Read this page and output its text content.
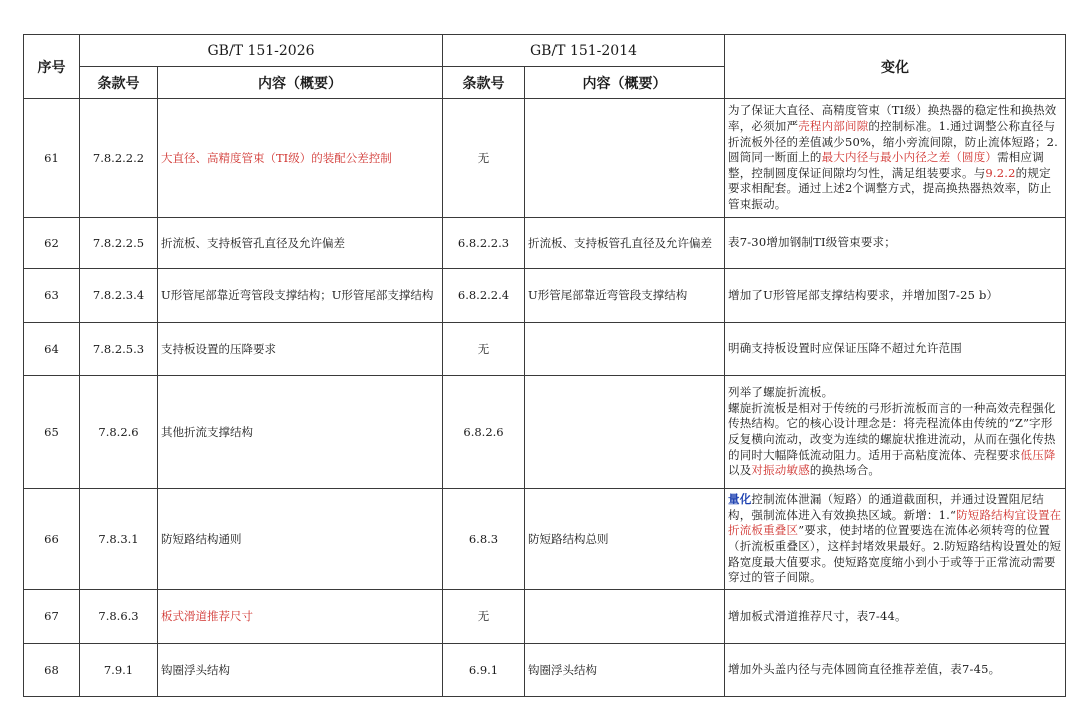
序号	GB/T 151-2026		GB/T 151-2014		变化
	条款号	内容（概要）	条款号	内容（概要）	
61	7.8.2.2.2	大直径、高精度管束（TI级）的装配公差控制	无		为了保证大直径、高精度管束（TI级）换热器的稳定性和换热效率，必须加严壳程内部间隙的控制标准。1.通过调整公称直径与折流板外径的差值减少50%，缩小旁流间隙，防止流体短路；2.圆筒同一断面上的最大内径与最小内径之差（圆度）需相应调整，控制圆度保证间隙均匀性，满足组装要求。与9.2.2的规定要求相配套。通过上述2个调整方式，提高换热器热效率，防止管束振动。
62	7.8.2.2.5	折流板、支持板管孔直径及允许偏差	6.8.2.2.3	折流板、支持板管孔直径及允许偏差	表7-30增加钢制TI级管束要求；
63	7.8.2.3.4	U形管尾部靠近弯管段支撑结构；U形管尾部支撑结构	6.8.2.2.4	U形管尾部靠近弯管段支撑结构	增加了U形管尾部支撑结构要求，并增加图7-25 b）
64	7.8.2.5.3	支持板设置的压降要求	无		明确支持板设置时应保证压降不超过允许范围
65	7.8.2.6	其他折流支撑结构	6.8.2.6		列举了螺旋折流板。
螺旋折流板是相对于传统的弓形折流板而言的一种高效壳程强化传热结构。它的核心设计理念是：将壳程流体由传统的“Z”字形反复横向流动，改变为连续的螺旋状推进流动，从而在强化传热的同时大幅降低流动阻力。适用于高粘度流体、壳程要求低压降以及对振动敏感的换热场合。
66	7.8.3.1	防短路结构通则	6.8.3	防短路结构总则	量化控制流体泄漏（短路）的通道截面积，并通过设置阻尼结构，强制流体进入有效换热区域。新增：1.“防短路结构宜设置在折流板重叠区”要求，使封堵的位置要选在流体必须转弯的位置（折流板重叠区），这样封堵效果最好。2.防短路结构设置处的短路宽度最大值要求。使短路宽度缩小到小于或等于正常流动需要穿过的管子间隙。
67	7.8.6.3	板式滑道推荐尺寸	无		增加板式滑道推荐尺寸，表7-44。
68	7.9.1	钩圈浮头结构	6.9.1	钩圈浮头结构	增加外头盖内径与壳体圆筒直径推荐差值，表7-45。
